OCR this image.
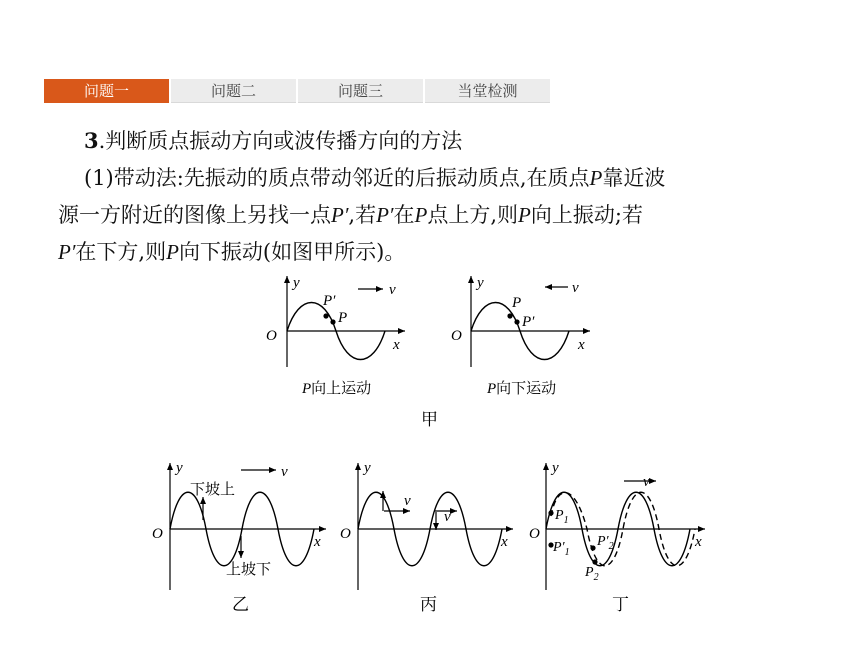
问题一	问题二	问题三	当堂检测
3.判断质点振动方向或波传播方向的方法
(1)带动法:先振动的质点带动邻近的后振动质点,在质点P靠近波
源一方附近的图像上另找一点P′,若P′在P点上方,则P向上振动;若
P′在下方,则P向下振动(如图甲所示)。
y
x
O
v
P′
P
P向上运动
y
x
O
v
P
P′
P向下运动
甲
y
x
O
v
下坡上
上坡下
乙
y
x
O
v
v
丙
y
x
O
v
$P_1$
$P'_1$
$P'_2$
$P_2$
丁
